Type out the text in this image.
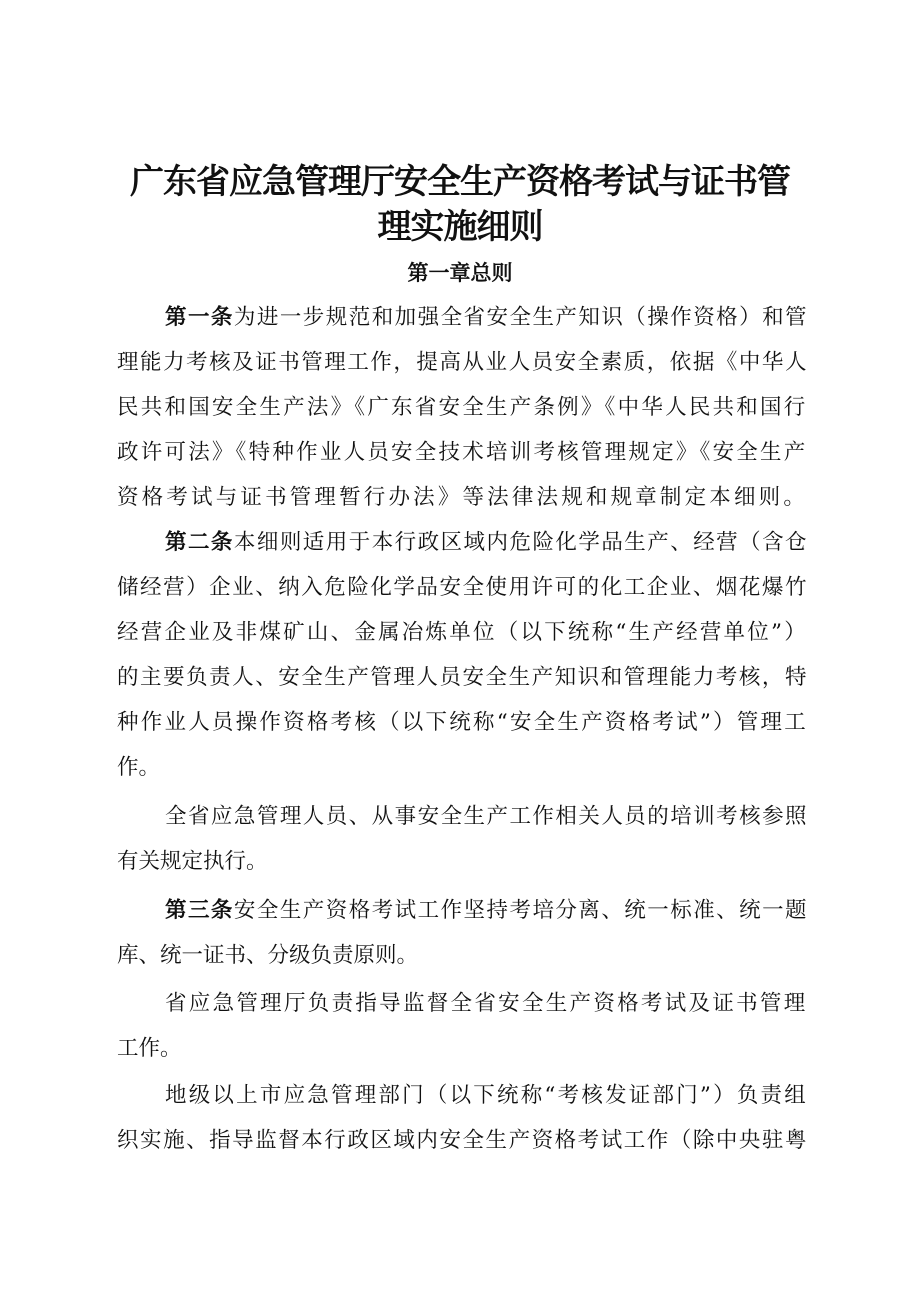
广东省应急管理厅安全生产资格考试与证书管
理实施细则
第一章总则

第一条为进一步规范和加强全省安全生产知识（操作资格）和管

理能力考核及证书管理工作，提高从业人员安全素质，依据《中华人

民共和国安全生产法》《广东省安全生产条例》《中华人民共和国行

政许可法》《特种作业人员安全技术培训考核管理规定》《安全生产

资格考试与证书管理暂行办法》等法律法规和规章制定本细则。

第二条本细则适用于本行政区域内危险化学品生产、经营（含仓

储经营）企业、纳入危险化学品安全使用许可的化工企业、烟花爆竹

经营企业及非煤矿山、金属冶炼单位（以下统称“生产经营单位”）

的主要负责人、安全生产管理人员安全生产知识和管理能力考核，特

种作业人员操作资格考核（以下统称“安全生产资格考试”）管理工

作。

全省应急管理人员、从事安全生产工作相关人员的培训考核参照

有关规定执行。

第三条安全生产资格考试工作坚持考培分离、统一标准、统一题

库、统一证书、分级负责原则。

省应急管理厅负责指导监督全省安全生产资格考试及证书管理

工作。

地级以上市应急管理部门（以下统称“考核发证部门”）负责组

织实施、指导监督本行政区域内安全生产资格考试工作（除中央驻粤
